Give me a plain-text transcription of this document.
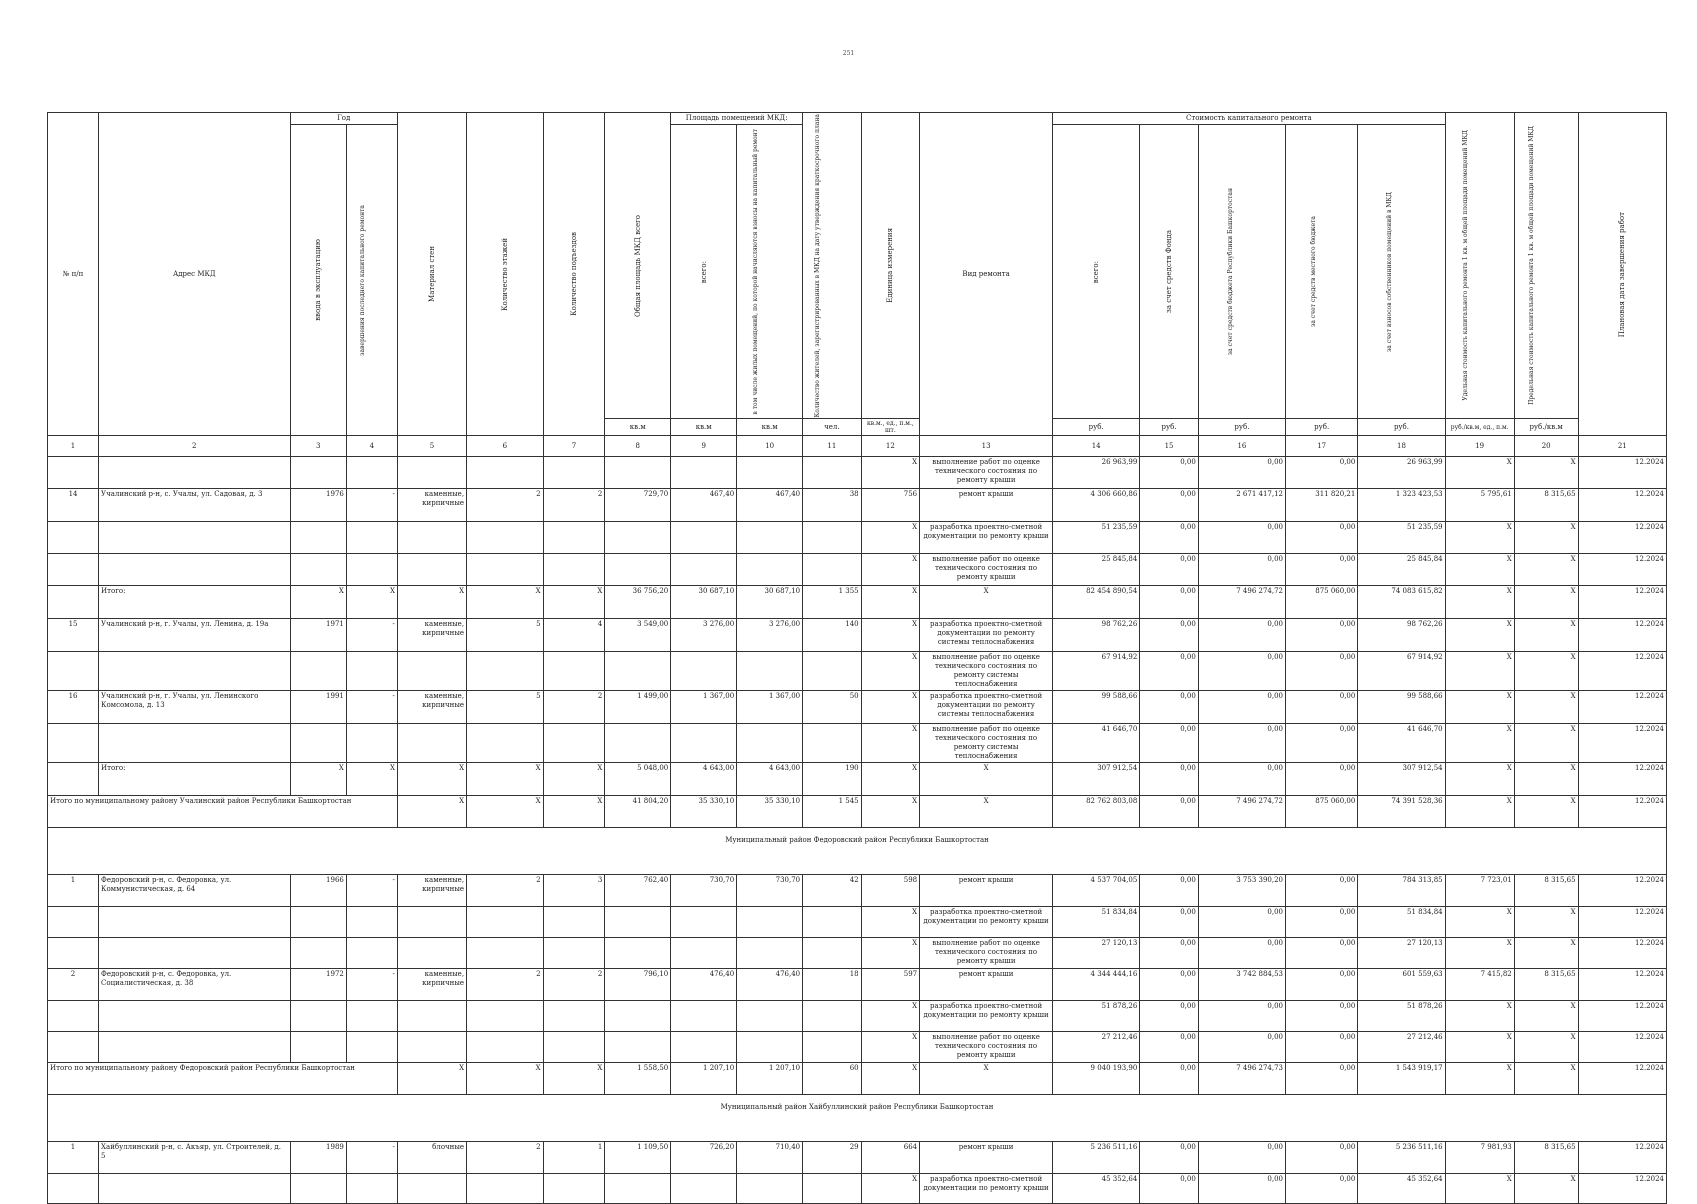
251
№ п/п	Адрес МКД	Год		Материал стен	Количество этажей	Количество подъездов	Общая площадь МКД всего	Площадь помещений МКД:		Количество жителей, зарегистрированных в МКД на дату утверждения краткосрочного плана	Единица измерения	Вид ремонта	Стоимость капитального ремонта					Удельная стоимость капитального ремонта 1 кв. м общей площади помещений МКД	Предельная стоимость капитального ремонта 1 кв. м общей площади помещений МКД	Плановая дата завершения работ

		ввода в эксплуатацию	завершения последнего капитального ремонта					всего:	в том числе жилых помещений, по которой начисляются взносы на капитальный ремонт				всего:	за счет средств Фонда	за счет средств бюджета Республики Башкортостан	за счет средств местного бюджета	за счет взносов собственников помещений в МКД			

							кв.м	кв.м	кв.м	чел.	кв.м., ед., п.м., шт.		руб.	руб.	руб.	руб.	руб.	руб./кв.м, ед., п.м.	руб./кв.м	
1	2	3	4	5	6	7	8	9	10	11	12	13	14	15	16	17	18	19	20	21
											X	выполнение работ по оценке технического состояния по ремонту крыши	26 963,99	0,00	0,00	0,00	26 963,99	X	X	12.2024
14	Учалинский р-н, с. Учалы, ул. Садовая, д. 3	1976	-	каменные, кирпичные	2	2	729,70	467,40	467,40	38	756	ремонт крыши	4 306 660,86	0,00	2 671 417,12	311 820,21	1 323 423,53	5 795,61	8 315,65	12.2024
											X	разработка проектно-сметной документации по ремонту крыши	51 235,59	0,00	0,00	0,00	51 235,59	X	X	12.2024
											X	выполнение работ по оценке технического состояния по ремонту крыши	25 845,84	0,00	0,00	0,00	25 845,84	X	X	12.2024
	Итого:	X	X	X	X	X	36 756,20	30 687,10	30 687,10	1 355	X	X	82 454 890,54	0,00	7 496 274,72	875 060,00	74 083 615,82	X	X	12.2024
15	Учалинский р-н, г. Учалы, ул. Ленина, д. 19а	1971	-	каменные, кирпичные	5	4	3 549,00	3 276,00	3 276,00	140	X	разработка проектно-сметной документации по ремонту системы теплоснабжения	98 762,26	0,00	0,00	0,00	98 762,26	X	X	12.2024
											X	выполнение работ по оценке технического состояния по ремонту системы теплоснабжения	67 914,92	0,00	0,00	0,00	67 914,92	X	X	12.2024
16	Учалинский р-н, г. Учалы, ул. Ленинского Комсомола, д. 13	1991	-	каменные, кирпичные	5	2	1 499,00	1 367,00	1 367,00	50	X	разработка проектно-сметной документации по ремонту системы теплоснабжения	99 588,66	0,00	0,00	0,00	99 588,66	X	X	12.2024
											X	выполнение работ по оценке технического состояния по ремонту системы теплоснабжения	41 646,70	0,00	0,00	0,00	41 646,70	X	X	12.2024
	Итого:	X	X	X	X	X	5 048,00	4 643,00	4 643,00	190	X	X	307 912,54	0,00	0,00	0,00	307 912,54	X	X	12.2024
Итого по муниципальному району Учалинский район Республики Башкортостан				X	X	X	41 804,20	35 330,10	35 330,10	1 545	X	X	82 762 803,08	0,00	7 496 274,72	875 060,00	74 391 528,36	X	X	12.2024
Муниципальный район Федоровский район Республики Башкортостан																				

1	Федоровский р-н, с. Федоровка, ул. Коммунистическая, д. 64	1966	-	каменные, кирпичные	2	3	762,40	730,70	730,70	42	598	ремонт крыши	4 537 704,05	0,00	3 753 390,20	0,00	784 313,85	7 723,01	8 315,65	12.2024
											X	разработка проектно-сметной документации по ремонту крыши	51 834,84	0,00	0,00	0,00	51 834,84	X	X	12.2024
											X	выполнение работ по оценке технического состояния по ремонту крыши	27 120,13	0,00	0,00	0,00	27 120,13	X	X	12.2024
2	Федоровский р-н, с. Федоровка, ул. Социалистическая, д. 38	1972	-	каменные, кирпичные	2	2	796,10	476,40	476,40	18	597	ремонт крыши	4 344 444,16	0,00	3 742 884,53	0,00	601 559,63	7 415,82	8 315,65	12.2024
											X	разработка проектно-сметной документации по ремонту крыши	51 878,26	0,00	0,00	0,00	51 878,26	X	X	12.2024
											X	выполнение работ по оценке технического состояния по ремонту крыши	27 212,46	0,00	0,00	0,00	27 212,46	X	X	12.2024
Итого по муниципальному району Федоровский район Республики Башкортостан				X	X	X	1 558,50	1 207,10	1 207,10	60	X	X	9 040 193,90	0,00	7 496 274,73	0,00	1 543 919,17	X	X	12.2024
Муниципальный район Хайбуллинский район Республики Башкортостан																				

1	Хайбуллинский р-н, с. Акъяр, ул. Строителей, д. 5	1989	-	блочные	2	1	1 109,50	726,20	710,40	29	664	ремонт крыши	5 236 511,16	0,00	0,00	0,00	5 236 511,16	7 981,93	8 315,65	12.2024
											X	разработка проектно-сметной документации по ремонту крыши	45 352,64	0,00	0,00	0,00	45 352,64	X	X	12.2024
